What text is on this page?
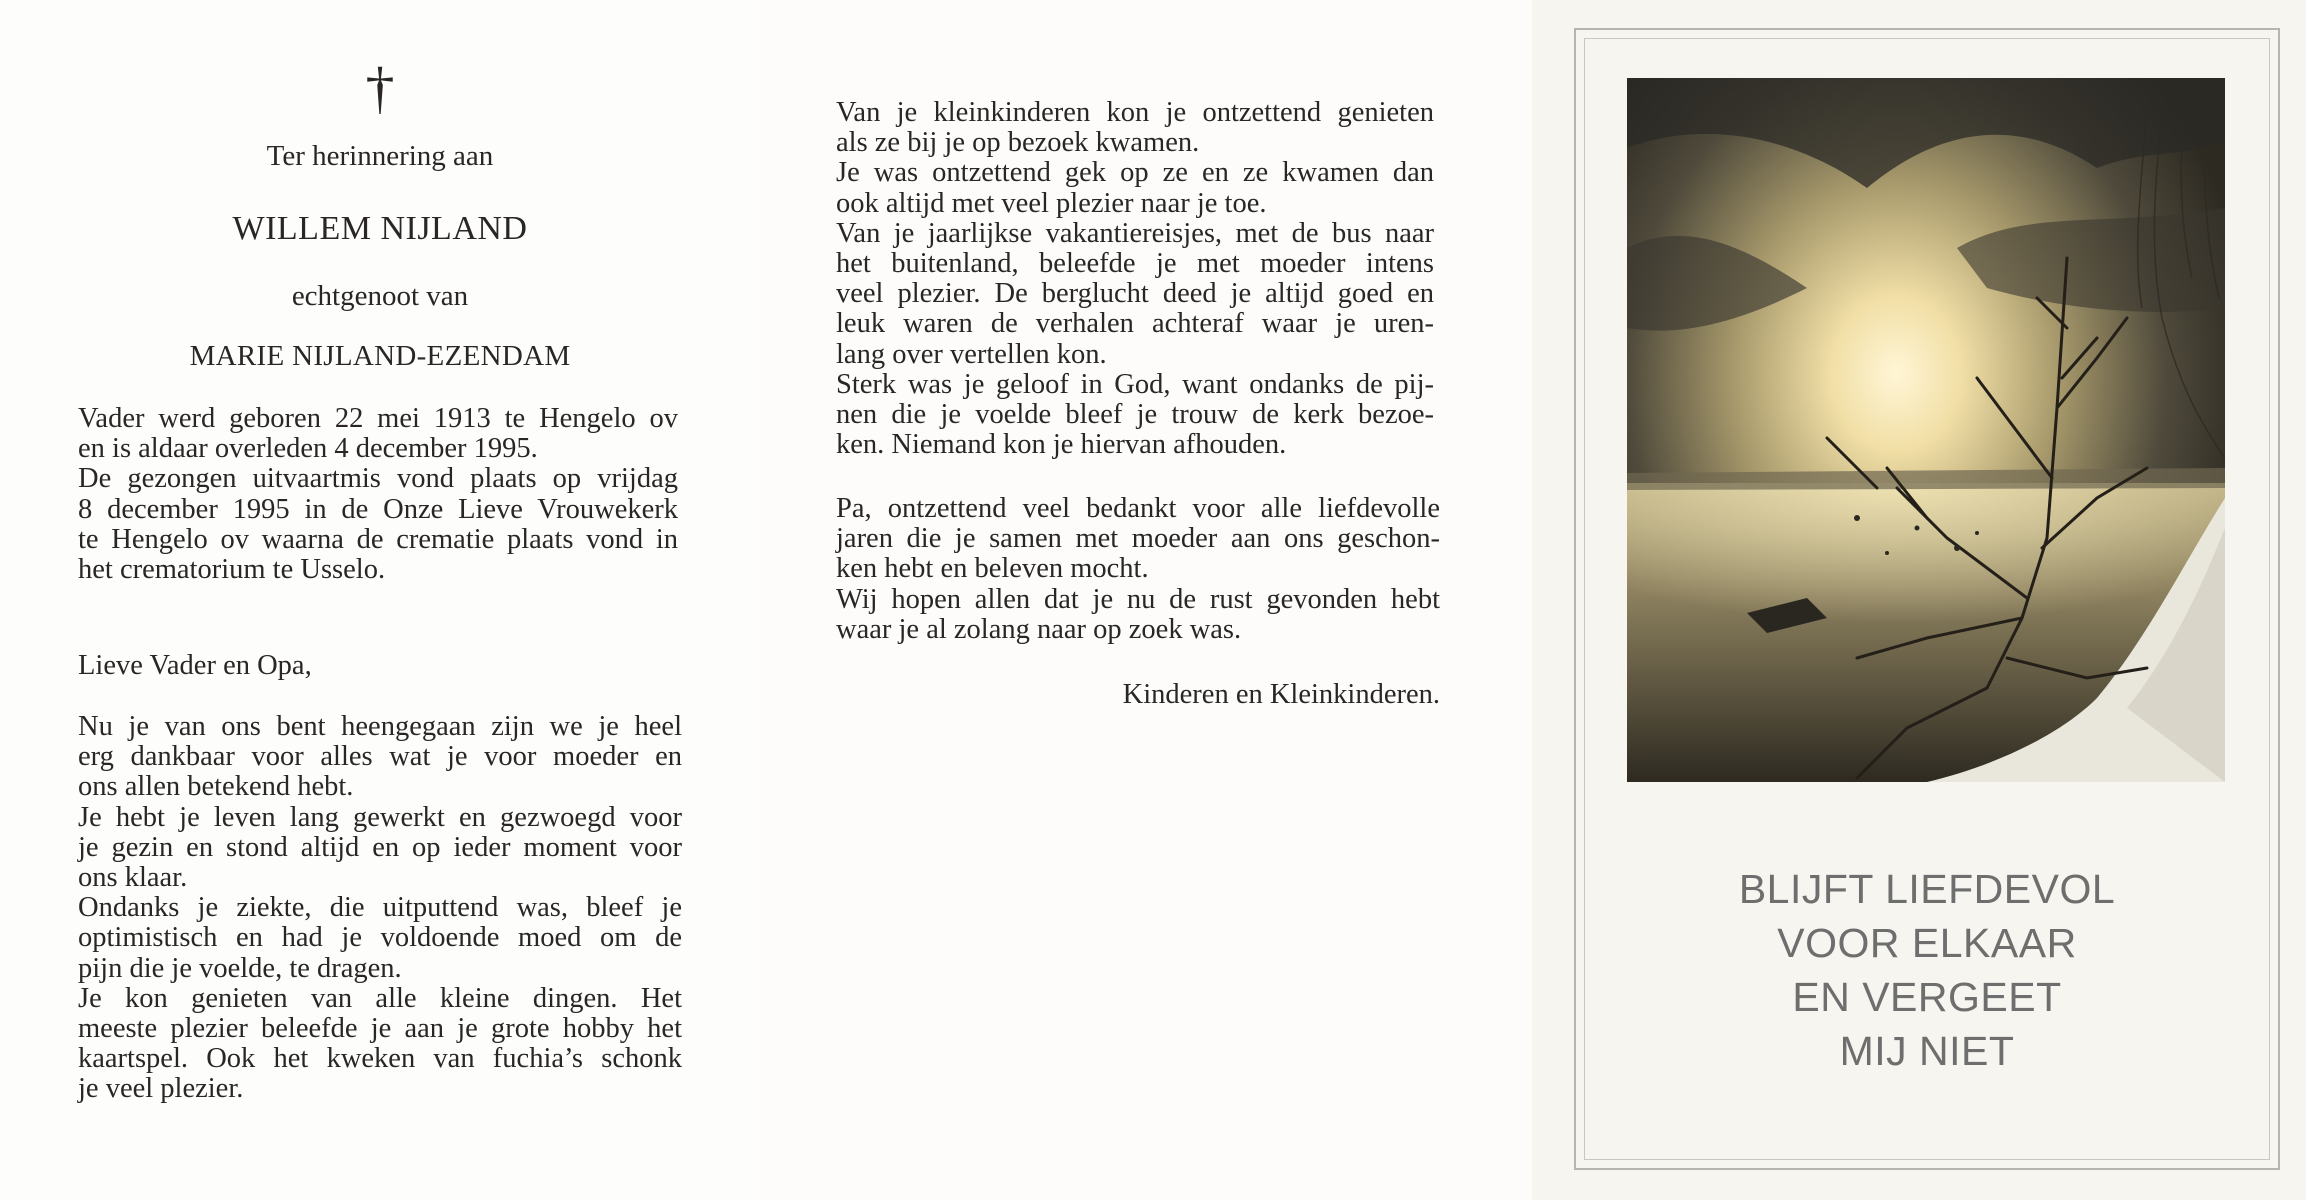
†
Ter herinnering aan
WILLEM NIJLAND
echtgenoot van
MARIE NIJLAND-EZENDAM
Vader werd geboren 22 mei 1913 te Hengelo ov
en is aldaar overleden 4 december 1995.
De gezongen uitvaartmis vond plaats op vrijdag
8 december 1995 in de Onze Lieve Vrouwekerk
te Hengelo ov waarna de crematie plaats vond in
het crematorium te Usselo.
Lieve Vader en Opa,
Nu je van ons bent heengegaan zijn we je heel
erg dankbaar voor alles wat je voor moeder en
ons allen betekend hebt.
Je hebt je leven lang gewerkt en gezwoegd voor
je gezin en stond altijd en op ieder moment voor
ons klaar.
Ondanks je ziekte, die uitputtend was, bleef je
optimistisch en had je voldoende moed om de
pijn die je voelde, te dragen.
Je kon genieten van alle kleine dingen. Het
meeste plezier beleefde je aan je grote hobby het
kaartspel. Ook het kweken van fuchia’s schonk
je veel plezier.
Van je kleinkinderen kon je ontzettend genieten
als ze bij je op bezoek kwamen.
Je was ontzettend gek op ze en ze kwamen dan
ook altijd met veel plezier naar je toe.
Van je jaarlijkse vakantiereisjes, met de bus naar
het buitenland, beleefde je met moeder intens
veel plezier. De bergluсht deed je altijd goed en
leuk waren de verhalen achteraf waar je uren-
lang over vertellen kon.
Sterk was je geloof in God, want ondanks de pij-
nen die je voelde bleef je trouw de kerk bezoe-
ken. Niemand kon je hiervan afhouden.
Pa, ontzettend veel bedankt voor alle liefdevolle
jaren die je samen met moeder aan ons geschon-
ken hebt en beleven mocht.
Wij hopen allen dat je nu de rust gevonden hebt
waar je al zolang naar op zoek was.
Kinderen en Kleinkinderen.
BLIJFT LIEFDEVOL
VOOR ELKAAR
EN VERGEET
MIJ NIET
